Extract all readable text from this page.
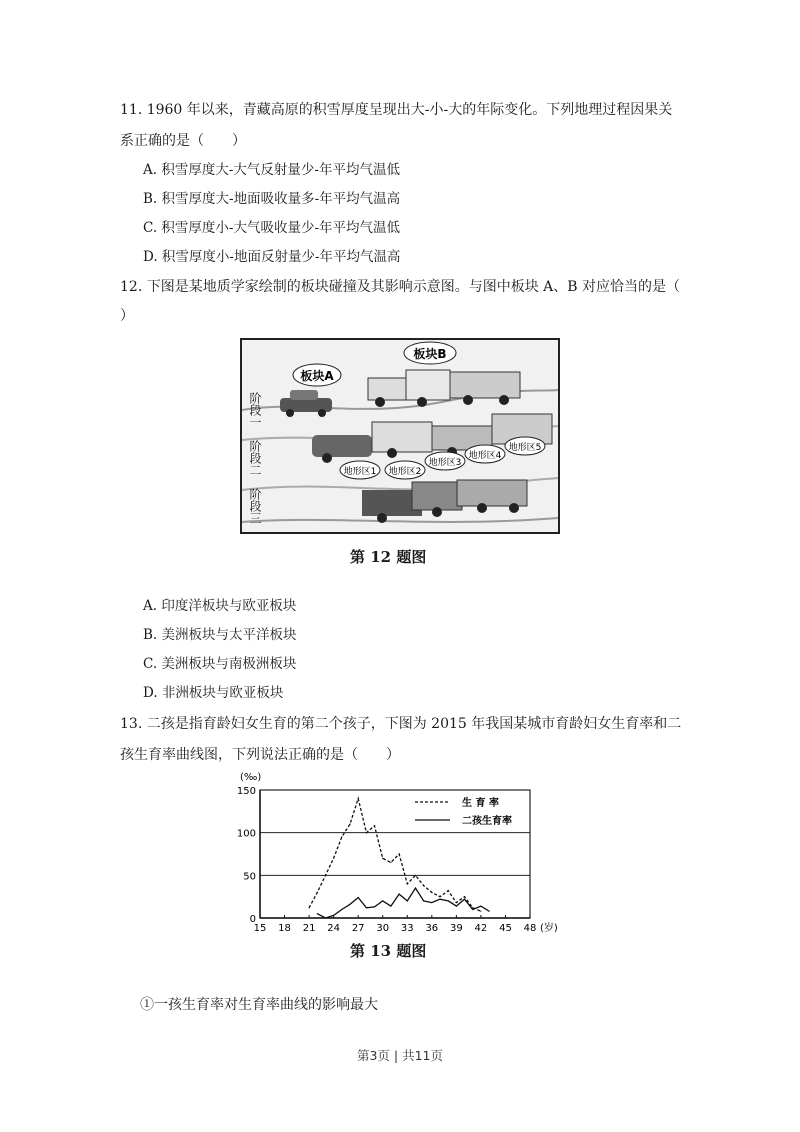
11. 1960 年以来，青藏高原的积雪厚度呈现出大-小-大的年际变化。下列地理过程因果关
系正确的是（　　）
A. 积雪厚度大-大气反射量少-年平均气温低
B. 积雪厚度大-地面吸收量多-年平均气温高
C. 积雪厚度小-大气吸收量少-年平均气温低
D. 积雪厚度小-地面反射量少-年平均气温高
12. 下图是某地质学家绘制的板块碰撞及其影响示意图。与图中板块 A、B 对应恰当的是（
）
板块A
板块B
地形区1 地形区2
地形区3
地形区4
地形区5
阶段一
阶段二
阶段三
第 12 题图
A. 印度洋板块与欧亚板块
B. 美洲板块与太平洋板块
C. 美洲板块与南极洲板块
D. 非洲板块与欧亚板块
13. 二孩是指育龄妇女生育的第二个孩子，下图为 2015 年我国某城市育龄妇女生育率和二
孩生育率曲线图，下列说法正确的是（　　）
0
50
100
150
15 18 21 24 27 30 33 36 39 42 45 48
(‰)
(岁)
生 育 率
二孩生育率
第 13 题图
①一孩生育率对生育率曲线的影响最大
第3页 | 共11页
